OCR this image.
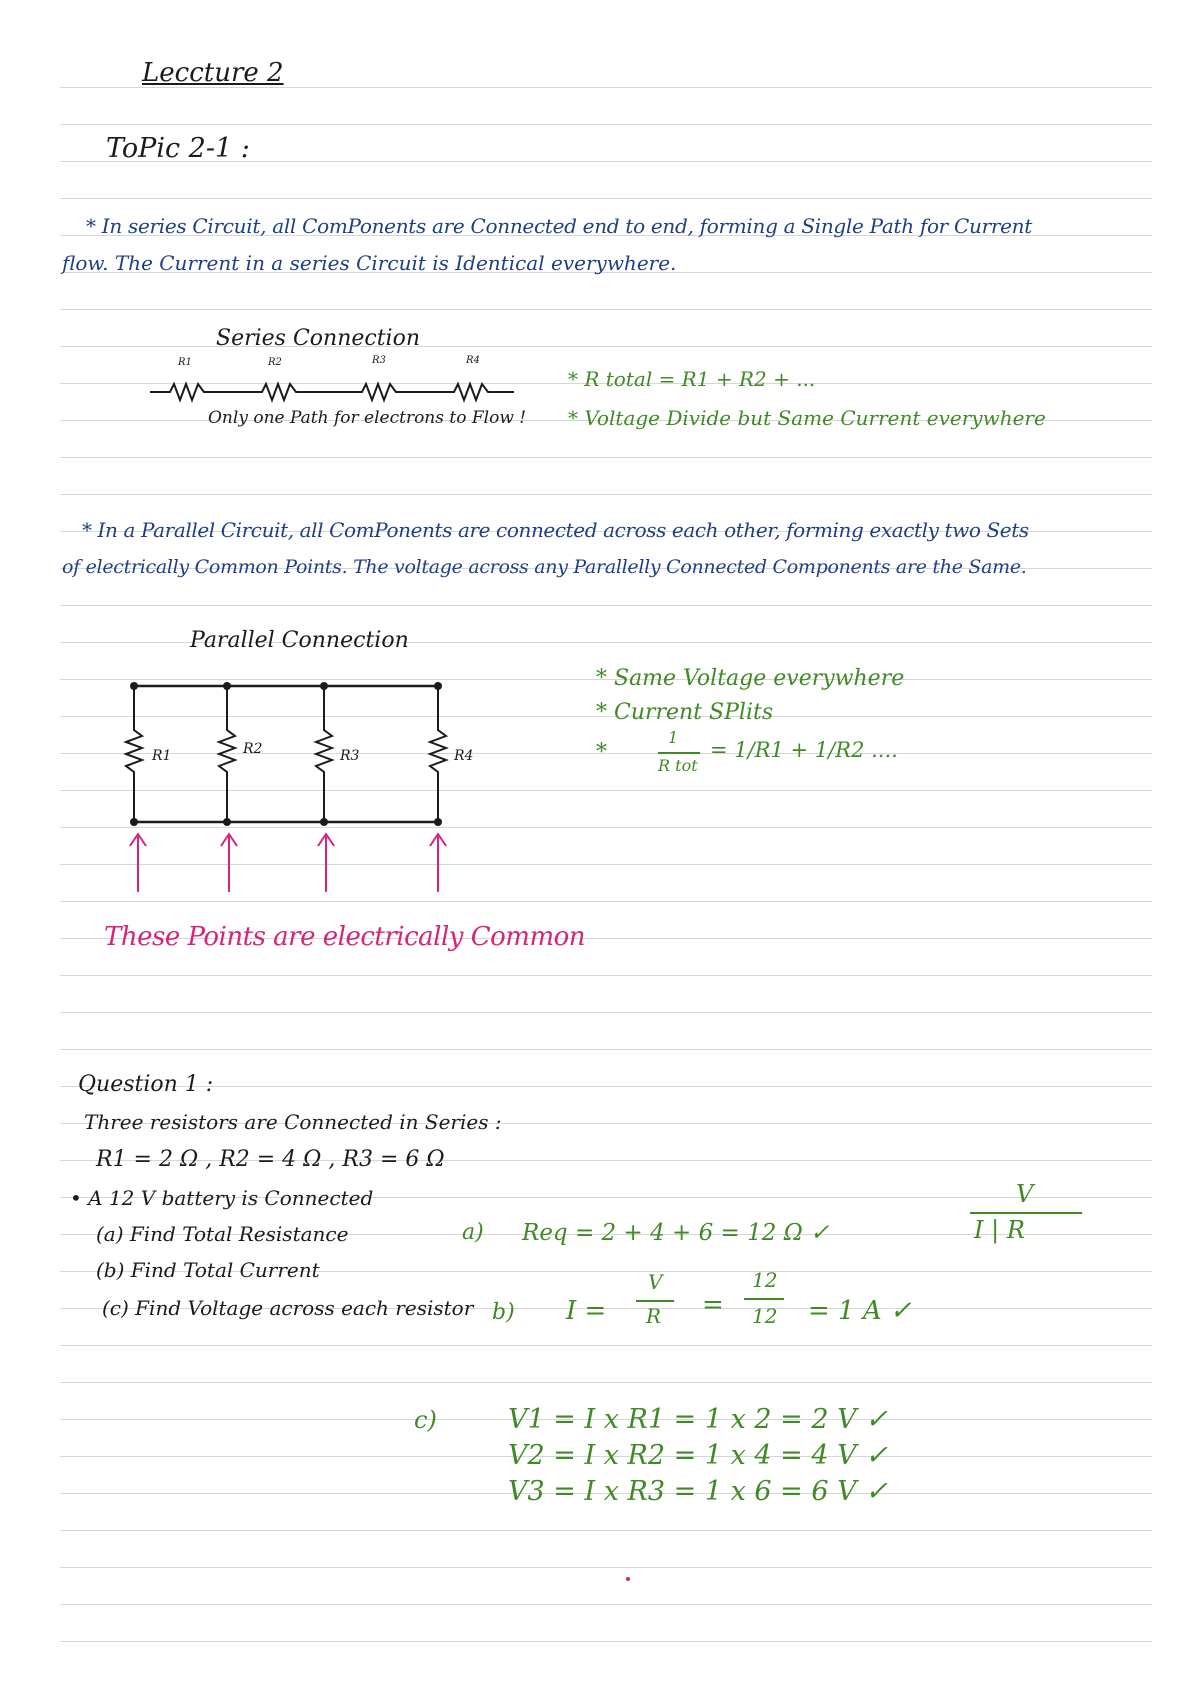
Leccture 2
ToPic 2-1 :
* In series Circuit, all ComPonents are Connected end to end, forming a Single Path for Current
flow. The Current in a series Circuit is Identical everywhere.
Series Connection
R1	R2	R3	R4
Only one Path for electrons to Flow !
* R total = R1 + R2 + ...
* Voltage Divide but Same Current everywhere
* In a Parallel Circuit, all ComPonents are connected across each other, forming exactly two Sets
of electrically Common Points. The voltage across any Parallelly Connected Components are the Same.
Parallel Connection
R1	R2	R3	R4
* Same Voltage everywhere
* Current SPlits
*
1
R tot
= 1/R1 + 1/R2 ....
These Points are electrically Common
Question 1 :
Three resistors are Connected in Series :
R1 = 2 Ω , R2 = 4 Ω , R3 = 6 Ω
• A 12 V battery is Connected
(a) Find Total Resistance
(b) Find Total Current
(c) Find Voltage across each resistor
a) Req = 2 + 4 + 6 = 12 Ω ✓
b) I =
V
R =
12
12 = 1 A ✓
V
I | R
c)	V1 = I x R1 = 1 x 2 = 2 V ✓
V2 = I x R2 = 1 x 4 = 4 V ✓
V3 = I x R3 = 1 x 6 = 6 V ✓
